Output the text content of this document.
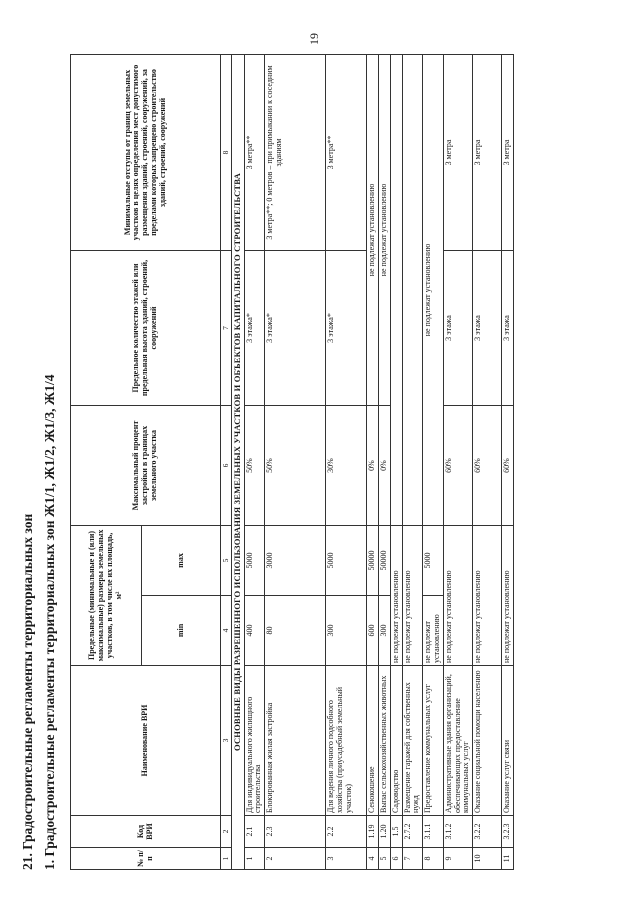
19
21. Градостроительные регламенты территориальных зон 1. Градостроительные регламенты территориальных зон Ж1/1, Ж1/2, Ж1/3, Ж1/4	№ п/п	Код ВРИ	Наименование ВРИ	Предельные (минимальные и (или) максимальные) размеры земельных участков, в том числе их площадь, м²		Максимальный процент застройки в границах земельного участка	Предельное количество этажей или предельная высота зданий, строений, сооружений	Минимальные отступы от границ земельных участков в целях определения мест допустимого размещения зданий, строений, сооружений, за пределами которых запрещено строительство зданий, строений, сооружений
			min	max			
1	2	3	4	5	6	7	8
ОСНОВНЫЕ ВИДЫ РАЗРЕШЕННОГО ИСПОЛЬЗОВАНИЯ ЗЕМЕЛЬНЫХ УЧАСТКОВ И ОБЪЕКТОВ КАПИТАЛЬНОГО СТРОИТЕЛЬСТВА							
1	2.1	Для индивидуального жилищного строительства	400	5000	50%	3 этажа*	3 метра**
2	2.3	Блокированная жилая застройка	80	3000	50%	3 этажа*	3 метра**; 0 метров – при примыкании к соседним зданиям
3	2.2	Для ведения личного подсобного хозяйства (приусадебный земельный участок)	300	5000	30%	3 этажа*	3 метра**
4	1.19	Сенокошение	600	50000	0%	не подлежат установлению	
5	1.20	Выпас сельскохозяйственных животных	300	50000	0%	не подлежат установлению	
6	1.5	Садоводство	не подлежат установлению				
7	2.7.2	Размещение гаражей для собственных нужд	не подлежат установлению				
8	3.1.1	Предоставление коммунальных услуг	не подлежат установлению	5000	не подлежат установлению		
9	3.1.2	Административные здания организаций, обеспечивающих предоставление коммунальных услуг	не подлежат установлению		60%	3 этажа	3 метра
10	3.2.2	Оказание социальной помощи населению	не подлежат установлению		60%	3 этажа	3 метра
11	3.2.3	Оказание услуг связи	не подлежат установлению		60%	3 этажа	3 метра
